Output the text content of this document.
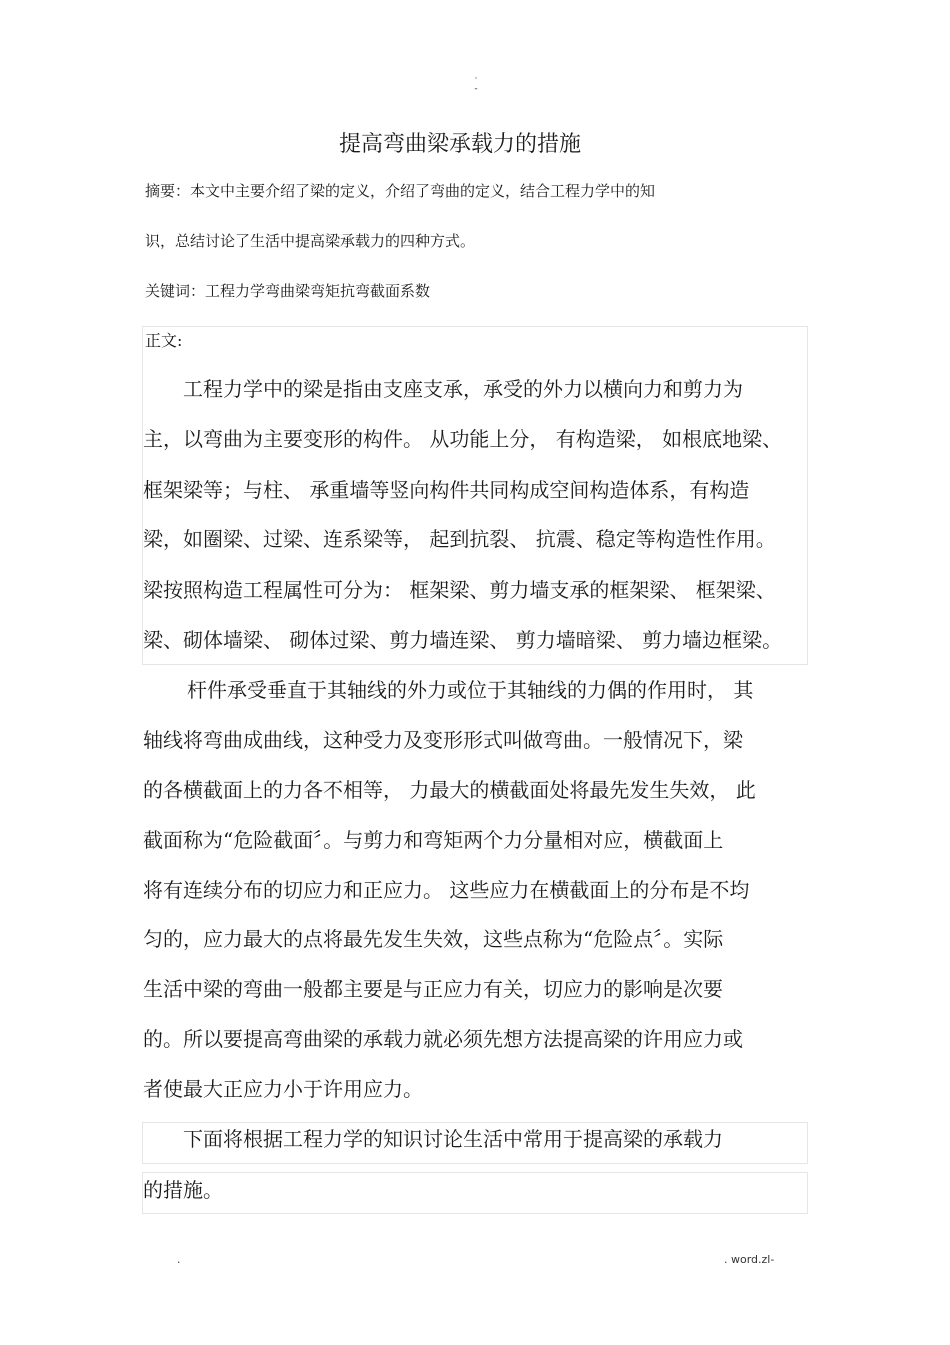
·
-
提高弯曲梁承载力的措施
摘要：本文中主要介绍了梁的定义，介绍了弯曲的定义，结合工程力学中的知
识，总结讨论了生活中提高梁承载力的四种方式。
关键词：工程力学弯曲梁弯矩抗弯截面系数
正文:
工程力学中的梁是指由支座支承，承受的外力以横向力和剪力为
主，以弯曲为主要变形的构件。 从功能上分， 有构造梁， 如根底地梁、
框架梁等；与柱、 承重墙等竖向构件共同构成空间构造体系，有构造
梁，如圈梁、过梁、连系梁等， 起到抗裂、 抗震、稳定等构造性作用。
梁按照构造工程属性可分为： 框架梁、剪力墙支承的框架梁、 框架梁、
梁、砌体墙梁、 砌体过梁、剪力墙连梁、 剪力墙暗梁、 剪力墙边框梁。
杆件承受垂直于其轴线的外力或位于其轴线的力偶的作用时， 其
轴线将弯曲成曲线，这种受力及变形形式叫做弯曲。一般情况下，梁
的各横截面上的力各不相等， 力最大的横截面处将最先发生失效， 此
截面称为“危险截面〞。与剪力和弯矩两个力分量相对应，横截面上
将有连续分布的切应力和正应力。 这些应力在横截面上的分布是不均
匀的，应力最大的点将最先发生失效，这些点称为“危险点〞。实际
生活中梁的弯曲一般都主要是与正应力有关，切应力的影响是次要
的。所以要提高弯曲梁的承载力就必须先想方法提高梁的许用应力或
者使最大正应力小于许用应力。
下面将根据工程力学的知识讨论生活中常用于提高梁的承载力
的措施。
.	. word.zl-
